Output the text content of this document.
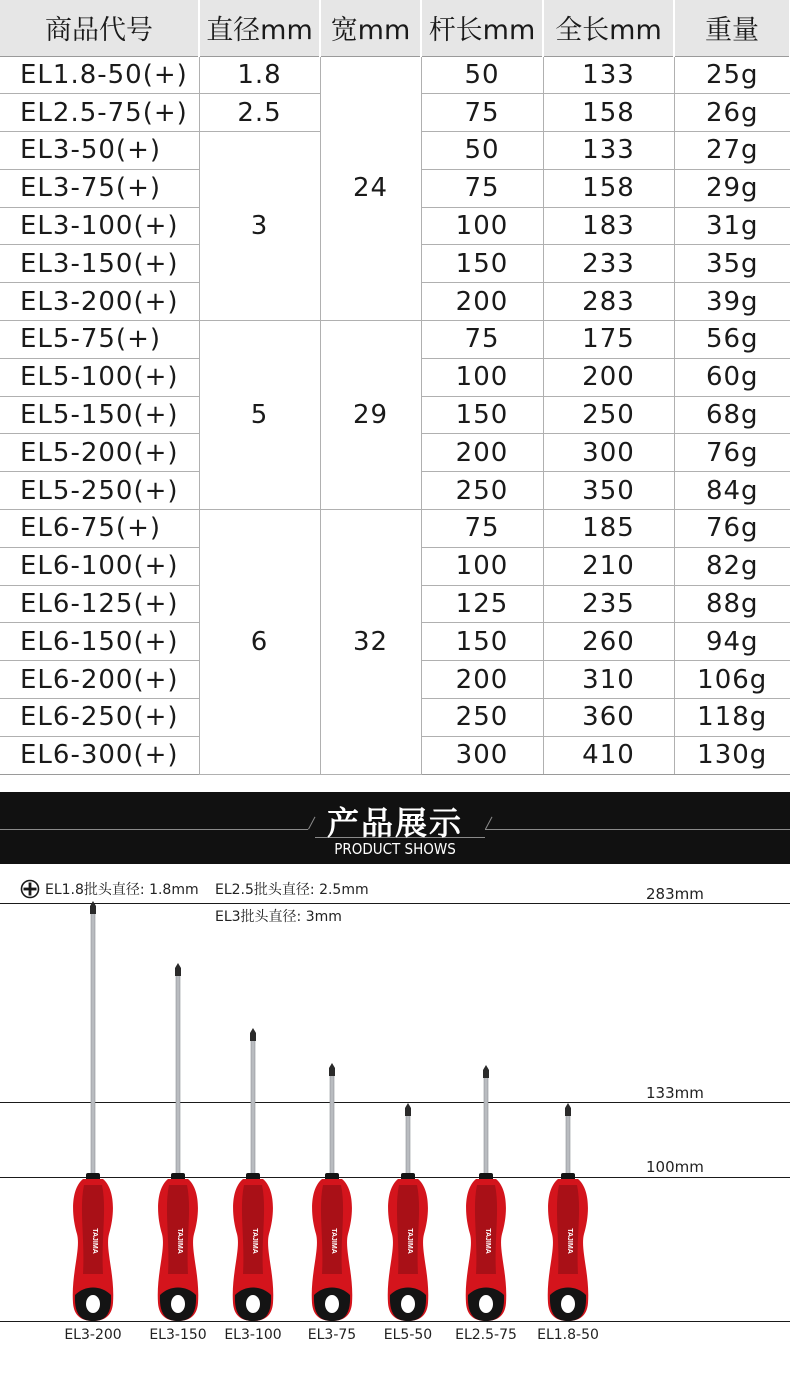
商品代号	直径mm	宽mm	杆长mm	全长mm	重量
EL1.8-50(+)	1.8	24	50	133	25g
EL2.5-75(+)	2.5		75	158	26g
EL3-50(+)	3		50	133	27g
EL3-75(+)			75	158	29g
EL3-100(+)			100	183	31g
EL3-150(+)			150	233	35g
EL3-200(+)			200	283	39g
EL5-75(+)	5	29	75	175	56g
EL5-100(+)			100	200	60g
EL5-150(+)			150	250	68g
EL5-200(+)			200	300	76g
EL5-250(+)			250	350	84g
EL6-75(+)	6	32	75	185	76g
EL6-100(+)			100	210	82g
EL6-125(+)			125	235	88g
EL6-150(+)			150	260	94g
EL6-200(+)			200	310	106g
EL6-250(+)			250	360	118g
EL6-300(+)			300	410	130g
产品展示
PRODUCT SHOWS
EL1.8批头直径: 1.8mm EL2.5批头直径: 2.5mm
EL3批头直径: 3mm
283mm
133mm
100mm
TAJIMA	TAJIMA	TAJIMA	TAJIMA	TAJIMA	TAJIMA	TAJIMA
EL3-200 EL3-150 EL3-100 EL3-75 EL5-50 EL2.5-75 EL1.8-50
